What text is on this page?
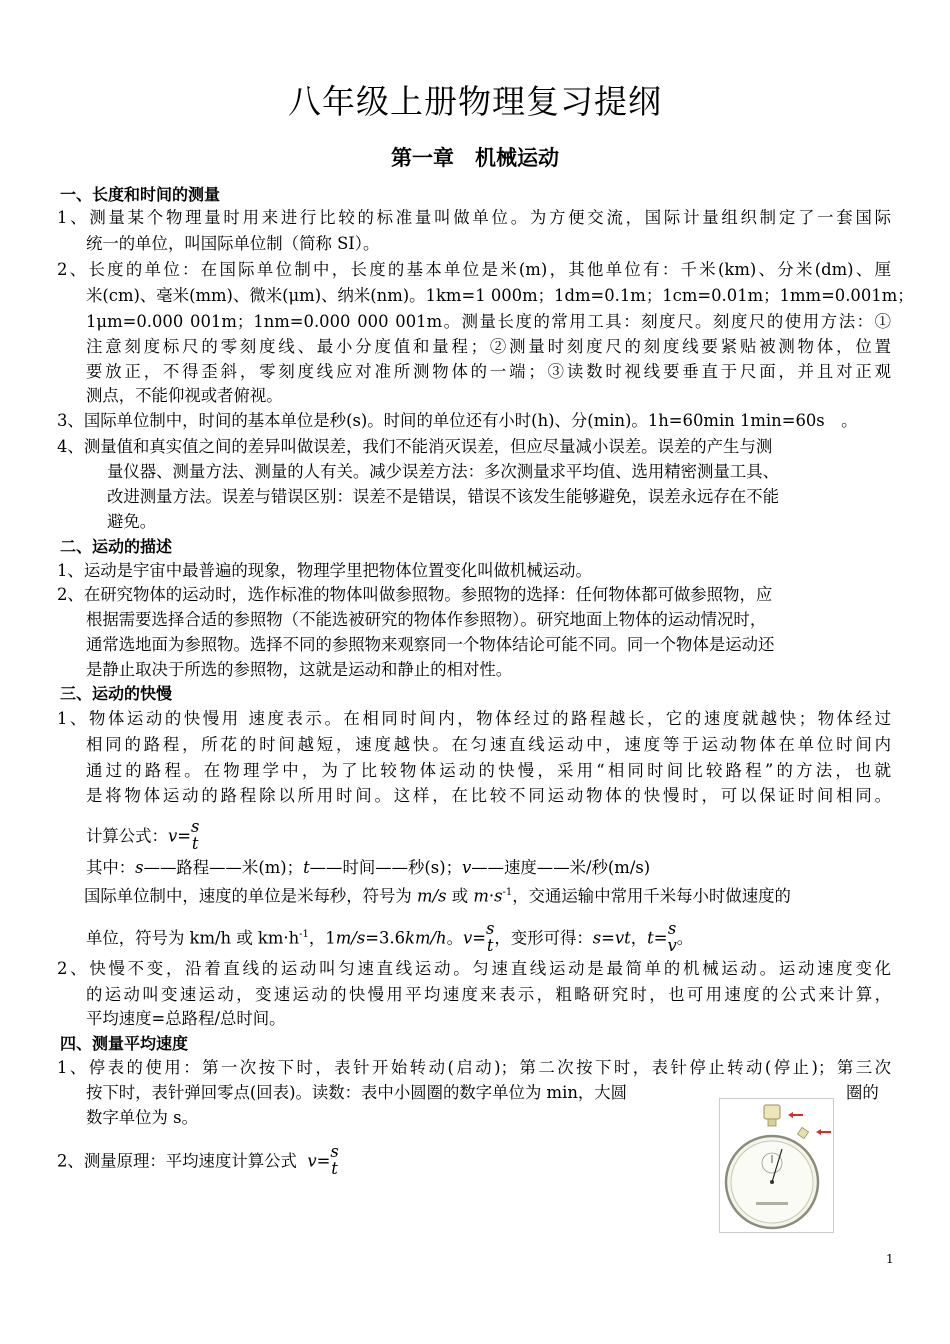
八年级上册物理复习提纲
第一章　机械运动
一、长度和时间的测量
1、测量某个物理量时用来进行比较的标准量叫做单位。为方便交流，国际计量组织制定了一套国际
统一的单位，叫国际单位制（简称 SI）。
2、长度的单位：在国际单位制中，长度的基本单位是米(m)，其他单位有：千米(km)、分米(dm)、厘
米(cm)、毫米(mm)、微米(μm)、纳米(nm)。1km=1 000m；1dm=0.1m；1cm=0.01m；1mm=0.001m；
1μm=0.000 001m；1nm=0.000 000 001m。测量长度的常用工具：刻度尺。刻度尺的使用方法：①
注意刻度标尺的零刻度线、最小分度值和量程；②测量时刻度尺的刻度线要紧贴被测物体，位置
要放正，不得歪斜，零刻度线应对准所测物体的一端；③读数时视线要垂直于尺面，并且对正观
测点，不能仰视或者俯视。
3、国际单位制中，时间的基本单位是秒(s)。时间的单位还有小时(h)、分(min)。1h=60min 1min=60s　。
4、测量值和真实值之间的差异叫做误差，我们不能消灭误差，但应尽量减小误差。误差的产生与测
量仪器、测量方法、测量的人有关。减少误差方法：多次测量求平均值、选用精密测量工具、
改进测量方法。误差与错误区别：误差不是错误，错误不该发生能够避免，误差永远存在不能
避免。
二、运动的描述
1、运动是宇宙中最普遍的现象，物理学里把物体位置变化叫做机械运动。
2、在研究物体的运动时，选作标准的物体叫做参照物。参照物的选择：任何物体都可做参照物，应
根据需要选择合适的参照物（不能选被研究的物体作参照物）。研究地面上物体的运动情况时，
通常选地面为参照物。选择不同的参照物来观察同一个物体结论可能不同。同一个物体是运动还
是静止取决于所选的参照物，这就是运动和静止的相对性。
三、运动的快慢
1、物体运动的快慢用 速度表示。在相同时间内，物体经过的路程越长，它的速度就越快；物体经过
相同的路程，所花的时间越短，速度越快。在匀速直线运动中，速度等于运动物体在单位时间内
通过的路程。在物理学中，为了比较物体运动的快慢，采用“相同时间比较路程”的方法，也就
是将物体运动的路程除以所用时间。这样，在比较不同运动物体的快慢时，可以保证时间相同。
计算公式：v= s
t
其中：s——路程——米(m)；t——时间——秒(s)；v——速度——米/秒(m/s)
国际单位制中，速度的单位是米每秒，符号为 m/s 或 $m\cdot s^{-1}$，交通运输中常用千米每小时做速度的
单位，符号为 km/h 或 $km\cdot h^{-1}$，1m/s=3.6km/h。v= s
t ，变形可得：s=vt，t= s
v 。
2、快慢不变，沿着直线的运动叫匀速直线运动。匀速直线运动是最简单的机械运动。运动速度变化
的运动叫变速运动，变速运动的快慢用平均速度来表示，粗略研究时，也可用速度的公式来计算，
平均速度=总路程/总时间。
四、测量平均速度
1、停表的使用：第一次按下时，表针开始转动(启动)；第二次按下时，表针停止转动(停止)；第三次
按下时，表针弹回零点(回表)。读数：表中小圆圈的数字单位为 min，大圆	圈的
数字单位为 s。
2、测量原理：平均速度计算公式  v= s
t
1
